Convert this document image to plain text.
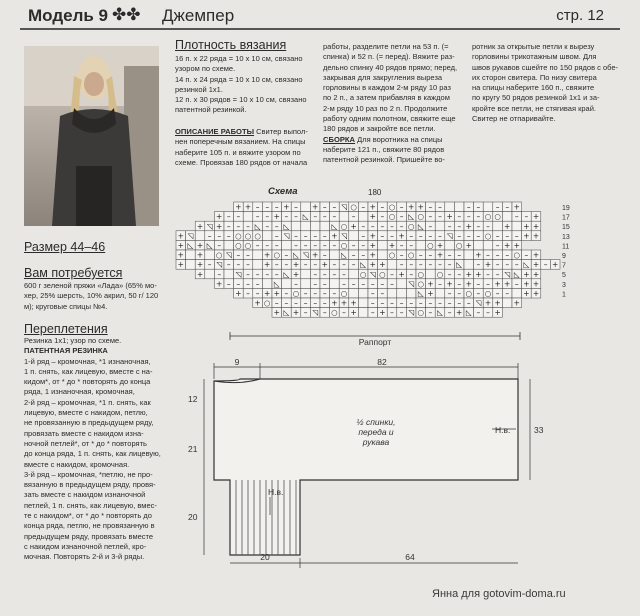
Модель 9 ✤✤ Джемпер	стр. 12
Размер 44–46
Вам потребуется
600 г зеленой пряжи «Лада» (65% мо-
хер, 25% шерсть, 10% акрил, 50 г/ 120
м); круговые спицы №4.
Переплетения
Резинка 1х1; узор по схеме.
ПАТЕНТНАЯ РЕЗИНКА
1-й ряд – кромочная, *1 изнаночная,
1 п. снять, как лицевую, вместе с на-
кидом*, от * до * повторять до конца
ряда, 1 изнаночная, кромочная,
2-й ряд – кромочная, *1 п. снять, как
лицевую, вместе с накидом, петлю,
не провязанную в предыдущем ряду,
провязать вместе с накидом изна-
ночной петлей*, от * до * повторять
до конца ряда, 1 п. снять, как лицевую,
вместе с накидом, кромочная.
3-й ряд – кромочная, *петлю, не про-
вязанную в предыдущем ряду, провя-
зать вместе с накидом изнаночной
петлей, 1 п. снять, как лицевую, вмес-
те с накидом*, от * до * повторять до
конца ряда, петлю, не провязанную в
предыдущем ряду, провязать вместе
с накидом изнаночной петлей, кро-
мочная. Повторять 2-й и 3-й ряды.
Плотность вязания
16 п. х 22 ряда = 10 х 10 см, связано
узором по схеме.
14 п. х 24 ряда = 10 х 10 см, связано
резинкой 1х1.
12 п. х 30 рядов = 10 х 10 см, связано
патентной резинкой.
ОПИСАНИЕ РАБОТЫ Свитер выпол-
нен поперечным вязанием. На спицы
наберите 105 п. и вяжите узором по
схеме. Провязав 180 рядов от начала
работы, разделите петли на 53 п. (=
спинка) и 52 п. (= перед). Вяжите раз-
дельно спинку 40 рядов прямо; перед,
закрывая для закругления выреза
горловины в каждом 2-м ряду 10 раз
по 2 п., а затем прибавляя в каждом
2-м ряду 10 раз по 2 п. Продолжите
работу одним полотном, свяжите еще
180 рядов и закройте все петли.
СБОРКА Для воротника на спицы
наберите 121 п., свяжите 80 рядов
патентной резинкой. Пришейте во-
ротник за открытые петли к вырезу
горловины трикотажным швом. Для
швов рукавов сшейте по 150 рядов с обе-
их сторон свитера. По низу свитера
на спицы наберите 160 п., свяжите
по кругу 50 рядов резинкой 1х1 и за-
кройте все петли, не стягивая край.
Свитер не отпаривайте.
Схема	180
+ + – – – + – + – – ◹ ○ – + – ○ – + + – –	– – – – +
+ – – – – + – – ◺ – – – – + – ○ – ◺ ○ – – + – – – ○ ○ – – +
+ ◹ + – – – ◺ – – ◺	◺ ○ + – – – – – ○ ◺ – – – + – – + + +
+ ◹ – – – ○ ○ ○ – ◹ – – – – + ◹ – + – – + – – – – ◹ – – – ○ – – – + +
+ ◺ + ◺ – ○ ○ – – – – – – – – ○ – – + + – – ○ + ○ +	– + +
+ + ○ ◹ – – + ○ – ◺ ◹ + – ◺ – – + ○ – ○ – – + – – + – – – ○ – +
+ + – ◹ – – – + – – + – – + – – – ◺ + + – – – – – – ◺ – + – – – ◺ + – +
+ – ◹ – – – – ◺ + – – – – ○ ◹ ○ – + – ○ ○ – – + + – – ◹ ◺ + +
+ – – – – ◺ – – – – – – – – – ◹ ○ + – + – + – – + + – + +
+ – – + + – ○ – – – – ○	– –	◺ + – – ○ – ○ – – + +
+ ○ – – – – – – + + + – – – – – – – – – – – ◹ + + +
+ ◺ + – ◹ – ○ – + – + – – ◹ ○ – ◺ – + ◺ – – +
19
17
15
13
11
9
7
5
3
1
Раппорт
9	82
12
21
20
20	64
33
½ спинки,
переда и
рукава
Н.в.
Н.в.
Янна для gotovim-doma.ru
